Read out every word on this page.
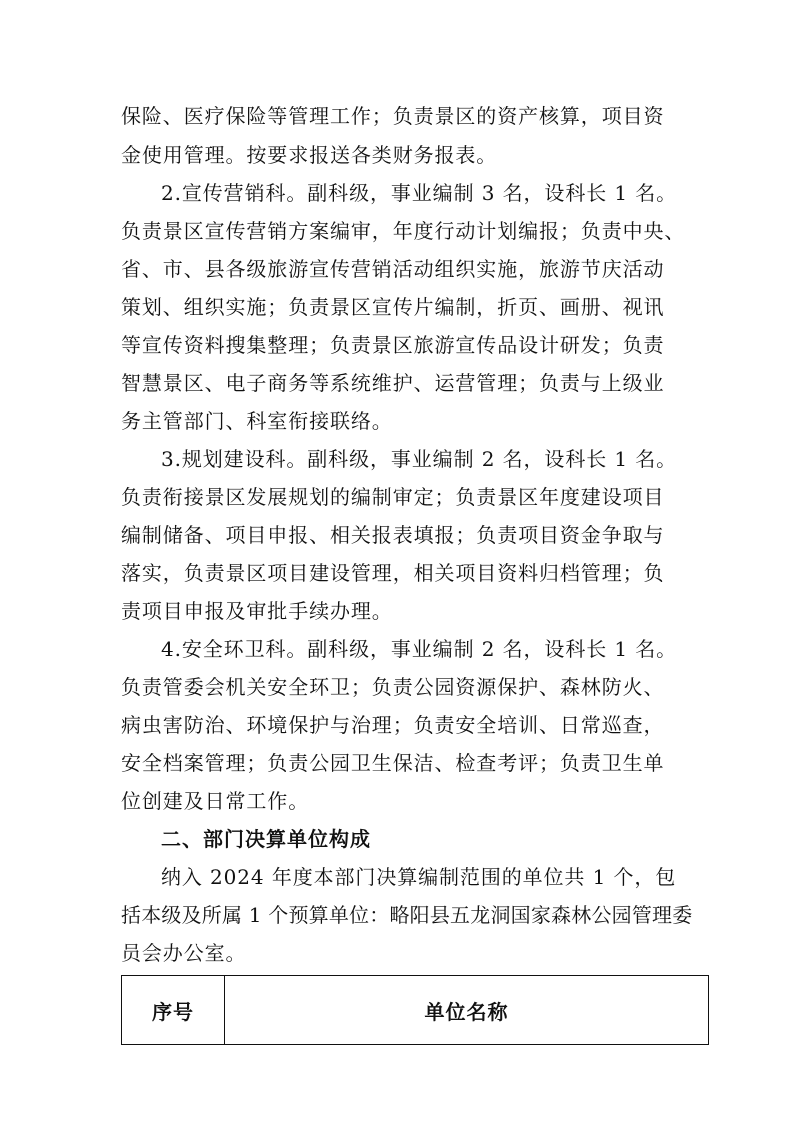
保险、医疗保险等管理工作；负责景区的资产核算，项目资
金使用管理。按要求报送各类财务报表。
2.宣传营销科。副科级，事业编制 3 名，设科长 1 名。
负责景区宣传营销方案编审，年度行动计划编报；负责中央、
省、市、县各级旅游宣传营销活动组织实施，旅游节庆活动
策划、组织实施；负责景区宣传片编制，折页、画册、视讯
等宣传资料搜集整理；负责景区旅游宣传品设计研发；负责
智慧景区、电子商务等系统维护、运营管理；负责与上级业
务主管部门、科室衔接联络。
3.规划建设科。副科级，事业编制 2 名，设科长 1 名。
负责衔接景区发展规划的编制审定；负责景区年度建设项目
编制储备、项目申报、相关报表填报；负责项目资金争取与
落实，负责景区项目建设管理，相关项目资料归档管理；负
责项目申报及审批手续办理。
4.安全环卫科。副科级，事业编制 2 名，设科长 1 名。
负责管委会机关安全环卫；负责公园资源保护、森林防火、
病虫害防治、环境保护与治理；负责安全培训、日常巡查，
安全档案管理；负责公园卫生保洁、检查考评；负责卫生单
位创建及日常工作。
二、部门决算单位构成
纳入 2024 年度本部门决算编制范围的单位共 1 个，包
括本级及所属 1 个预算单位：略阳县五龙洞国家森林公园管理委
序号	单位名称
员会办公室。
